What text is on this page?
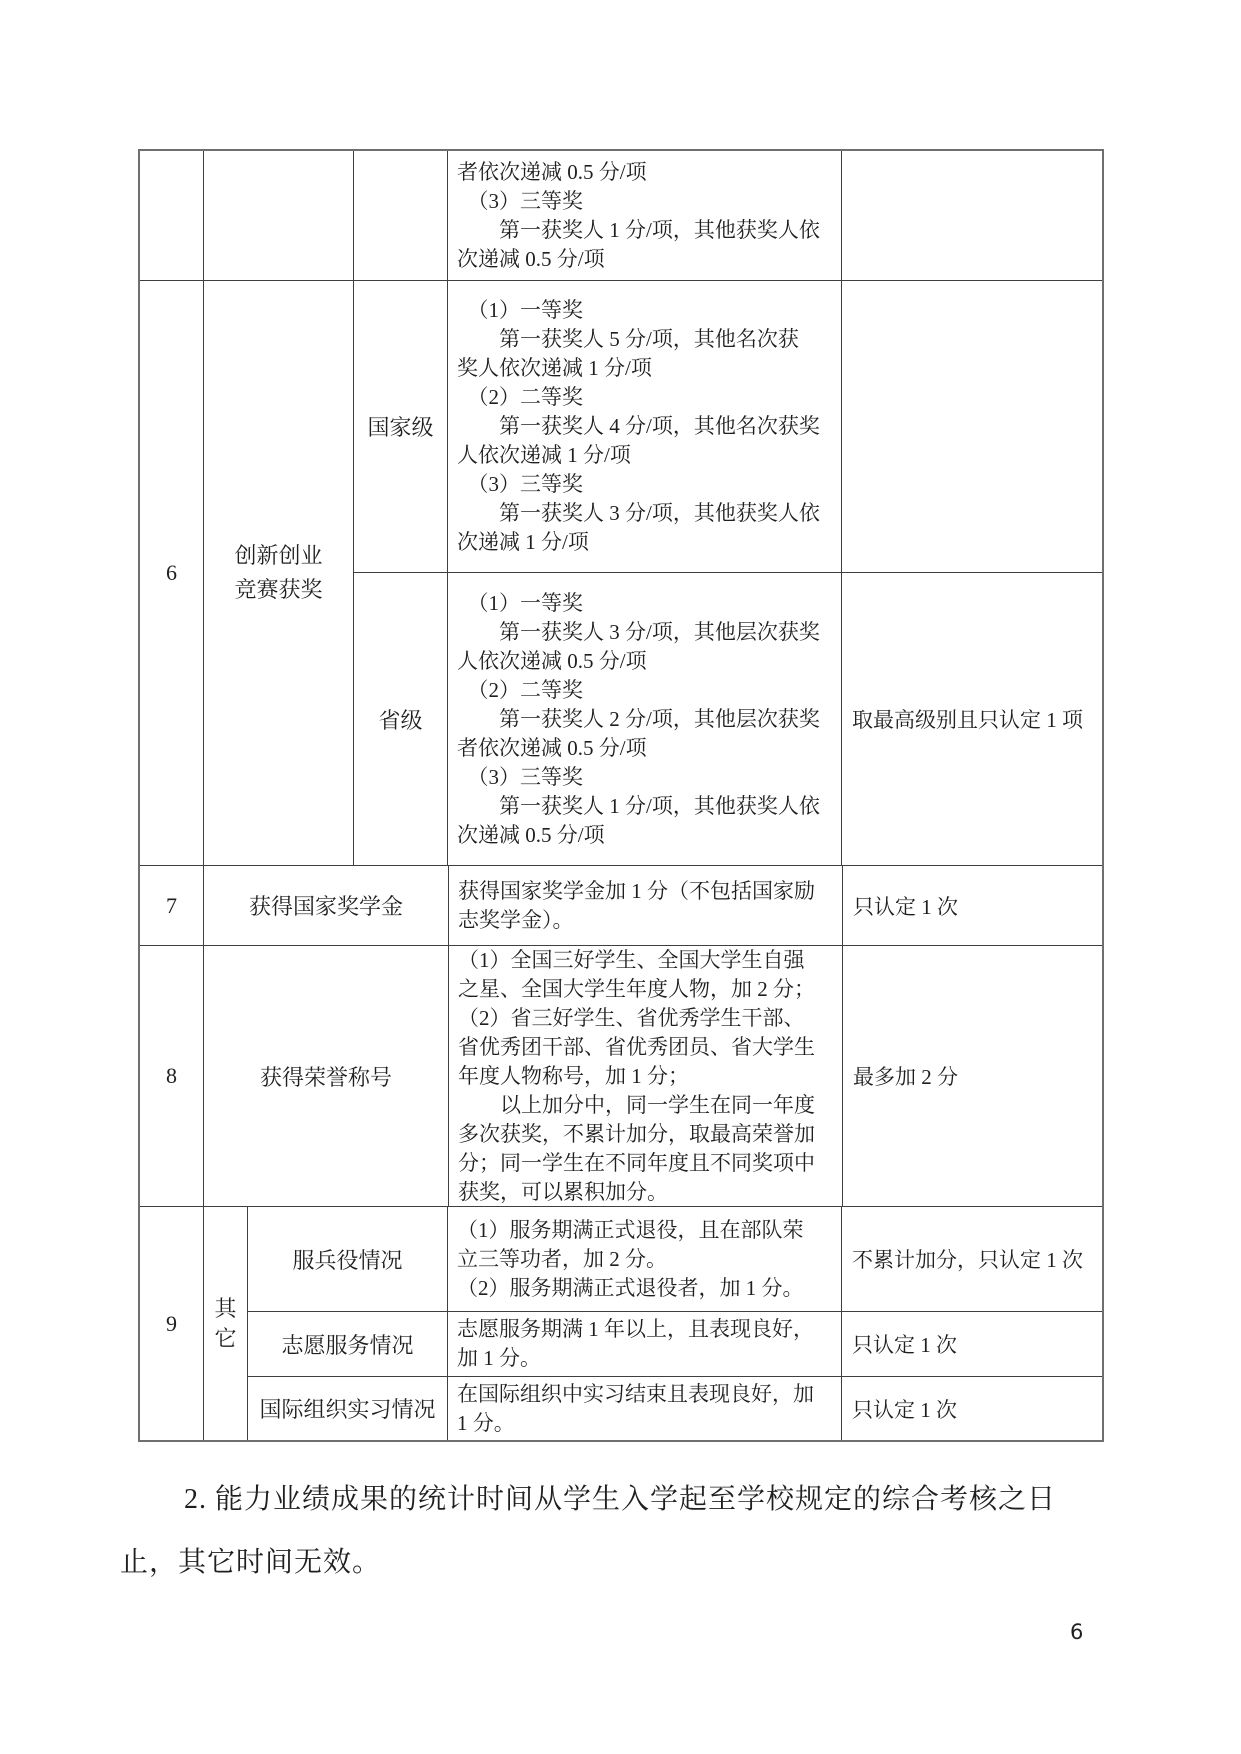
者依次递减 0.5 分/项
　（3）三等奖
　　第一获奖人 1 分/项，其他获奖人依
次递减 0.5 分/项
6
创新创业
竞赛获奖
国家级
　（1）一等奖
　　第一获奖人 5 分/项，其他名次获
奖人依次递减 1 分/项
　（2）二等奖
　　第一获奖人 4 分/项，其他名次获奖
人依次递减 1 分/项
　（3）三等奖
　　第一获奖人 3 分/项，其他获奖人依
次递减 1 分/项
省级
　（1）一等奖
　　第一获奖人 3 分/项，其他层次获奖
人依次递减 0.5 分/项
　（2）二等奖
　　第一获奖人 2 分/项，其他层次获奖
者依次递减 0.5 分/项
　（3）三等奖
　　第一获奖人 1 分/项，其他获奖人依
次递减 0.5 分/项
取最高级别且只认定 1 项
7	获得国家奖学金
获得国家奖学金加 1 分（不包括国家励
志奖学金）。
只认定 1 次
8	获得荣誉称号
（1）全国三好学生、全国大学生自强
之星、全国大学生年度人物，加 2 分；
（2）省三好学生、省优秀学生干部、
省优秀团干部、省优秀团员、省大学生
年度人物称号，加 1 分；
　　以上加分中，同一学生在同一年度
多次获奖，不累计加分，取最高荣誉加
分；同一学生在不同年度且不同奖项中
获奖，可以累积加分。
最多加 2 分
9
其它
服兵役情况
（1）服务期满正式退役，且在部队荣
立三等功者，加 2 分。
（2）服务期满正式退役者，加 1 分。
不累计加分，只认定 1 次
志愿服务情况
志愿服务期满 1 年以上，且表现良好，
加 1 分。
只认定 1 次
国际组织实习情况
在国际组织中实习结束且表现良好，加
1 分。
只认定 1 次
2. 能力业绩成果的统计时间从学生入学起至学校规定的综合考核之日
止，其它时间无效。
6
